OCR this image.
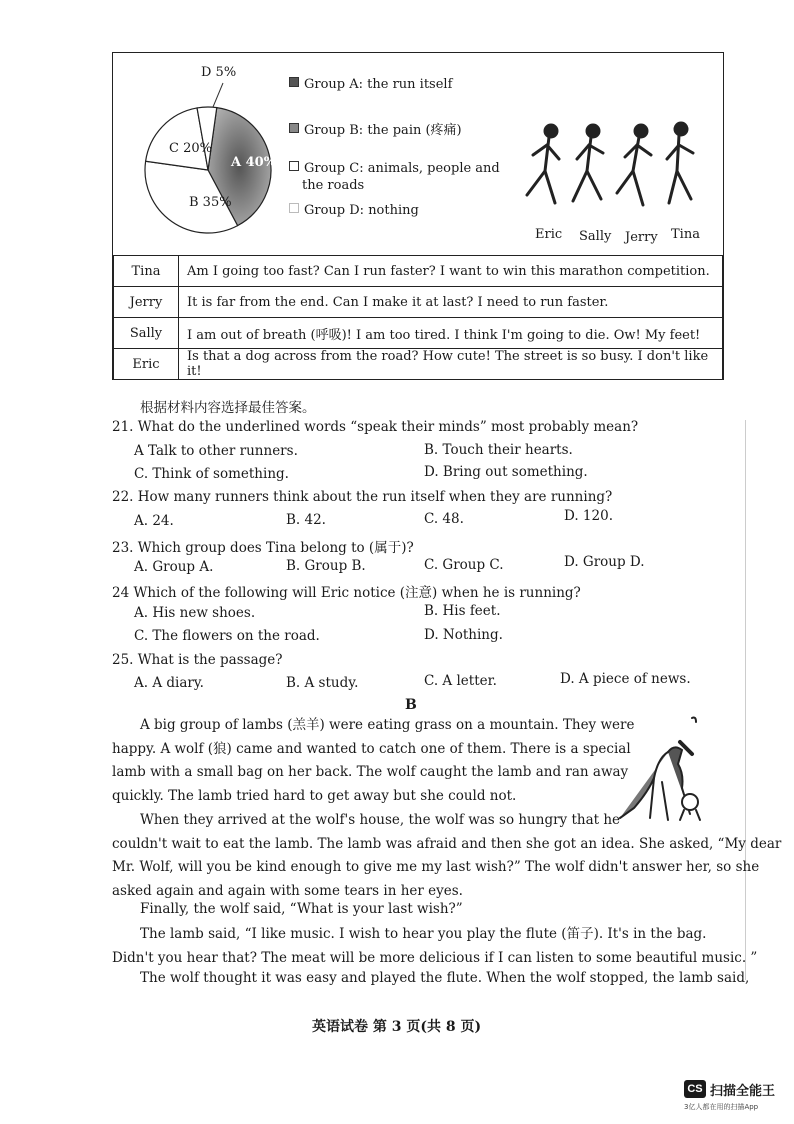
D 5%
C 20%
A 40%
B 35%
Group A: the run itself
Group B: the pain (疼痛)
Group C: animals, people and
the roads
Group D: nothing
Eric Sally Jerry Tina
Tina	Am I going too fast? Can I run faster? I want to win this marathon competition.
Jerry	It is far from the end. Can I make it at last? I need to run faster.
Sally	I am out of breath (呼吸)! I am too tired. I think I'm going to die. Ow! My feet!
Eric	Is that a dog across from the road? How cute! The street is so busy. I don't like it!
根据材料内容选择最佳答案。
21. What do the underlined words “speak their minds” most probably mean?
A Talk to other runners.	B. Touch their hearts.
C. Think of something.	D. Bring out something.
22. How many runners think about the run itself when they are running?
A. 24.	B. 42.	C. 48.	D. 120.
23. Which group does Tina belong to (属于)?
A. Group A.	B. Group B.	C. Group C.	D. Group D.
24 Which of the following will Eric notice (注意) when he is running?
A. His new shoes.	B. His feet.
C. The flowers on the road.	D. Nothing.
25. What is the passage?
A. A diary.	B. A study.	C. A letter.	D. A piece of news.
B
A big group of lambs (羔羊) were eating grass on a mountain. They were
happy. A wolf (狼) came and wanted to catch one of them. There is a special
lamb with a small bag on her back. The wolf caught the lamb and ran away
quickly. The lamb tried hard to get away but she could not.
When they arrived at the wolf's house, the wolf was so hungry that he
couldn't wait to eat the lamb. The lamb was afraid and then she got an idea. She asked, “My dear
Mr. Wolf, will you be kind enough to give me my last wish?” The wolf didn't answer her, so she
asked again and again with some tears in her eyes.
Finally, the wolf said, “What is your last wish?”
The lamb said, “I like music. I wish to hear you play the flute (笛子). It's in the bag.
Didn't you hear that? The meat will be more delicious if I can listen to some beautiful music. ”
The wolf thought it was easy and played the flute. When the wolf stopped, the lamb said,
英语试卷 第 3 页(共 8 页)
CS 扫描全能王
3亿人都在用的扫描App
